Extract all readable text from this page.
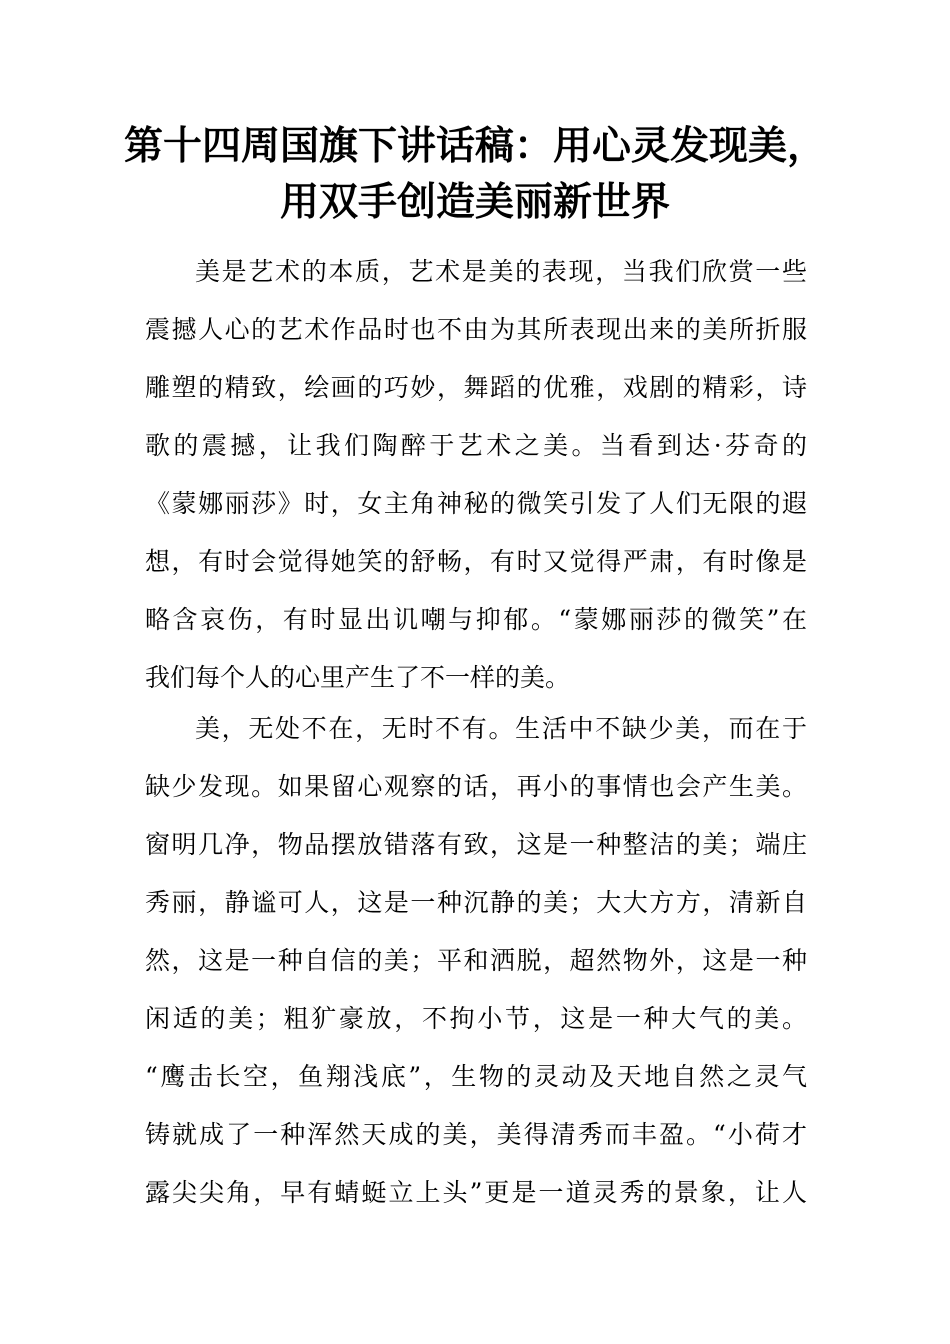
第十四周国旗下讲话稿：用心灵发现美，
用双手创造美丽新世界
美是艺术的本质，艺术是美的表现，当我们欣赏一些
震撼人心的艺术作品时也不由为其所表现出来的美所折服
雕塑的精致，绘画的巧妙，舞蹈的优雅，戏剧的精彩，诗
歌的震撼，让我们陶醉于艺术之美。当看到达·芬奇的
《蒙娜丽莎》时，女主角神秘的微笑引发了人们无限的遐
想，有时会觉得她笑的舒畅，有时又觉得严肃，有时像是
略含哀伤，有时显出讥嘲与抑郁。“蒙娜丽莎的微笑”在
我们每个人的心里产生了不一样的美。
美，无处不在，无时不有。生活中不缺少美，而在于
缺少发现。如果留心观察的话，再小的事情也会产生美。
窗明几净，物品摆放错落有致，这是一种整洁的美；端庄
秀丽，静谧可人，这是一种沉静的美；大大方方，清新自
然，这是一种自信的美；平和洒脱，超然物外，这是一种
闲适的美；粗犷豪放，不拘小节，这是一种大气的美。
“鹰击长空，鱼翔浅底”，生物的灵动及天地自然之灵气
铸就成了一种浑然天成的美，美得清秀而丰盈。“小荷才
露尖尖角，早有蜻蜓立上头”更是一道灵秀的景象，让人
